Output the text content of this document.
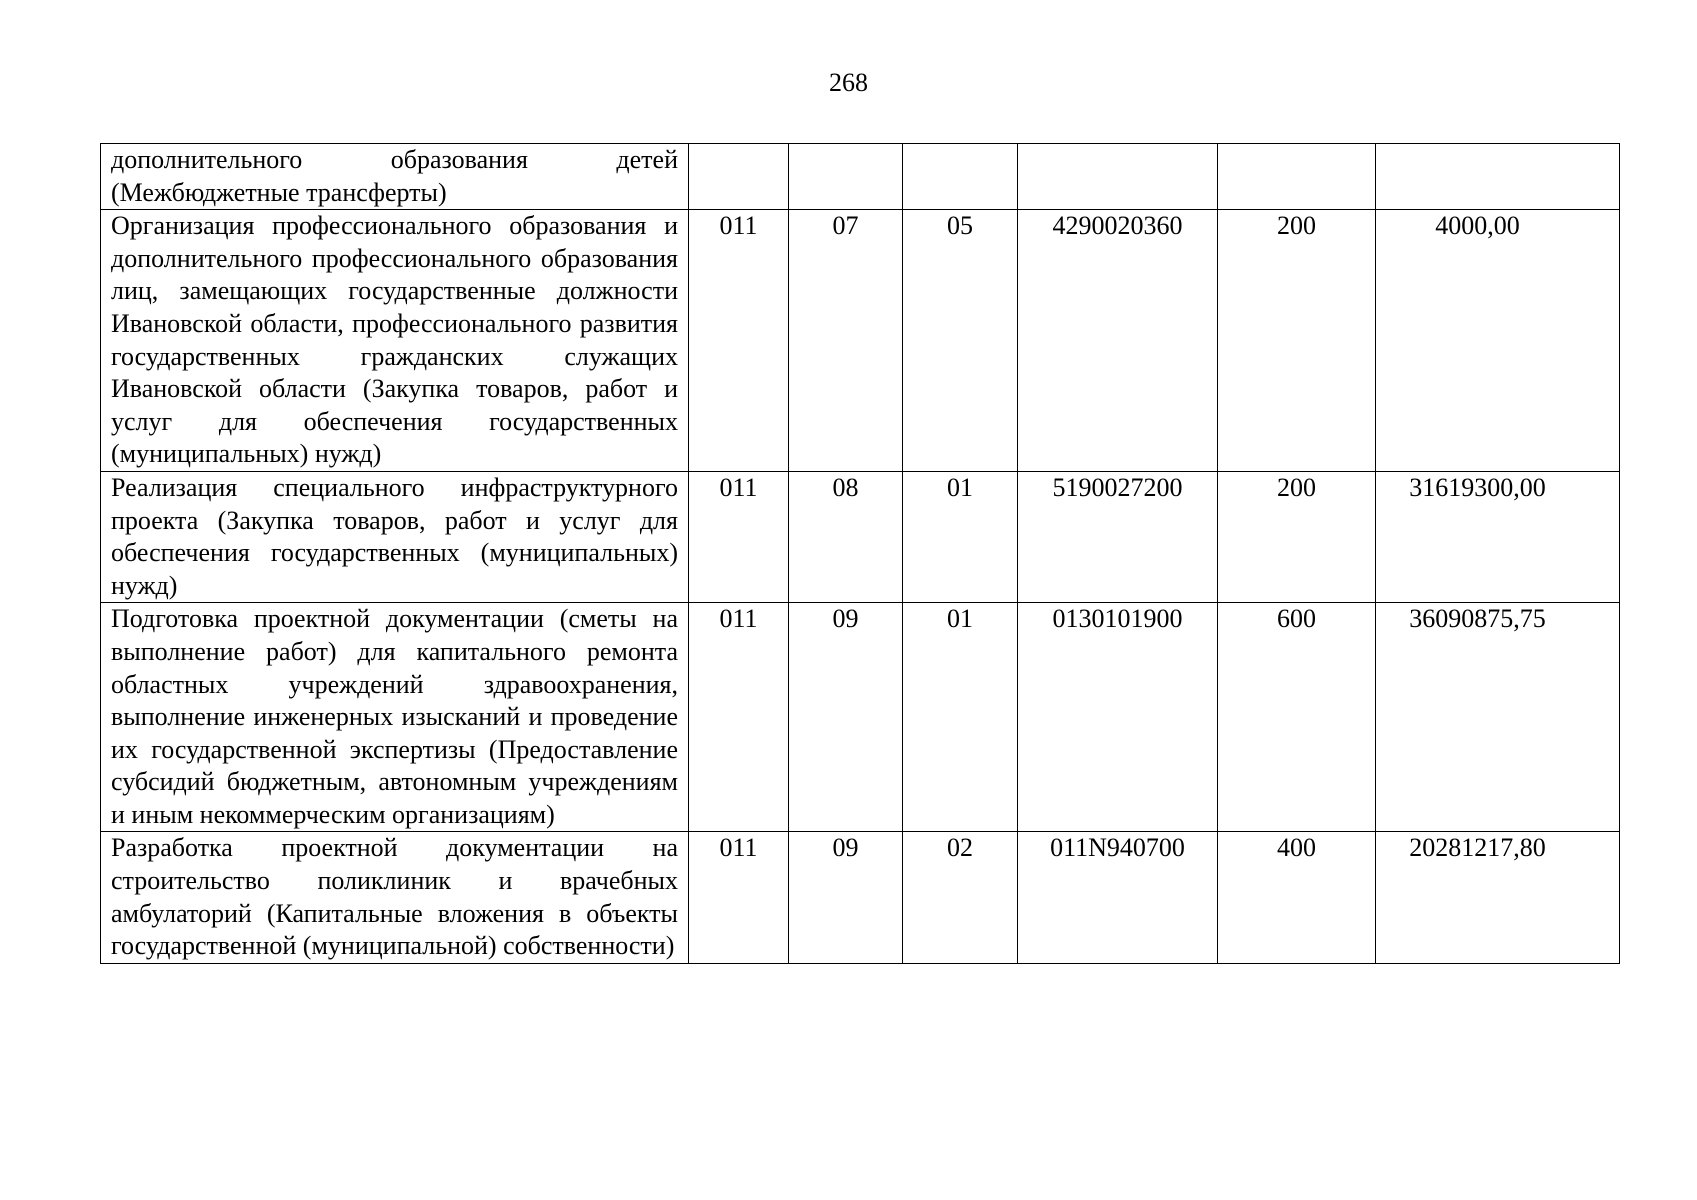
268
дополнительного образования детей (Межбюджетные трансферты)						
Организация профессионального образования и дополнительного профессионального образования лиц, замещающих государственные должности Ивановской области, профессионального развития государственных гражданских служащих Ивановской области (Закупка товаров, работ и услуг для обеспечения государственных (муниципальных) нужд)	011	07	05	4290020360	200	4000,00
Реализация специального инфраструктурного проекта (Закупка товаров, работ и услуг для обеспечения государственных (муниципальных) нужд)	011	08	01	5190027200	200	31619300,00
Подготовка проектной документации (сметы на выполнение работ) для капитального ремонта областных учреждений здравоохранения, выполнение инженерных изысканий и проведение их государственной экспертизы (Предоставление субсидий бюджетным, автономным учреждениям и иным некоммерческим организациям)	011	09	01	0130101900	600	36090875,75
Разработка проектной документации на строительство поликлиник и врачебных амбулаторий (Капитальные вложения в объекты государственной (муниципальной) собственности)	011	09	02	011N940700	400	20281217,80
